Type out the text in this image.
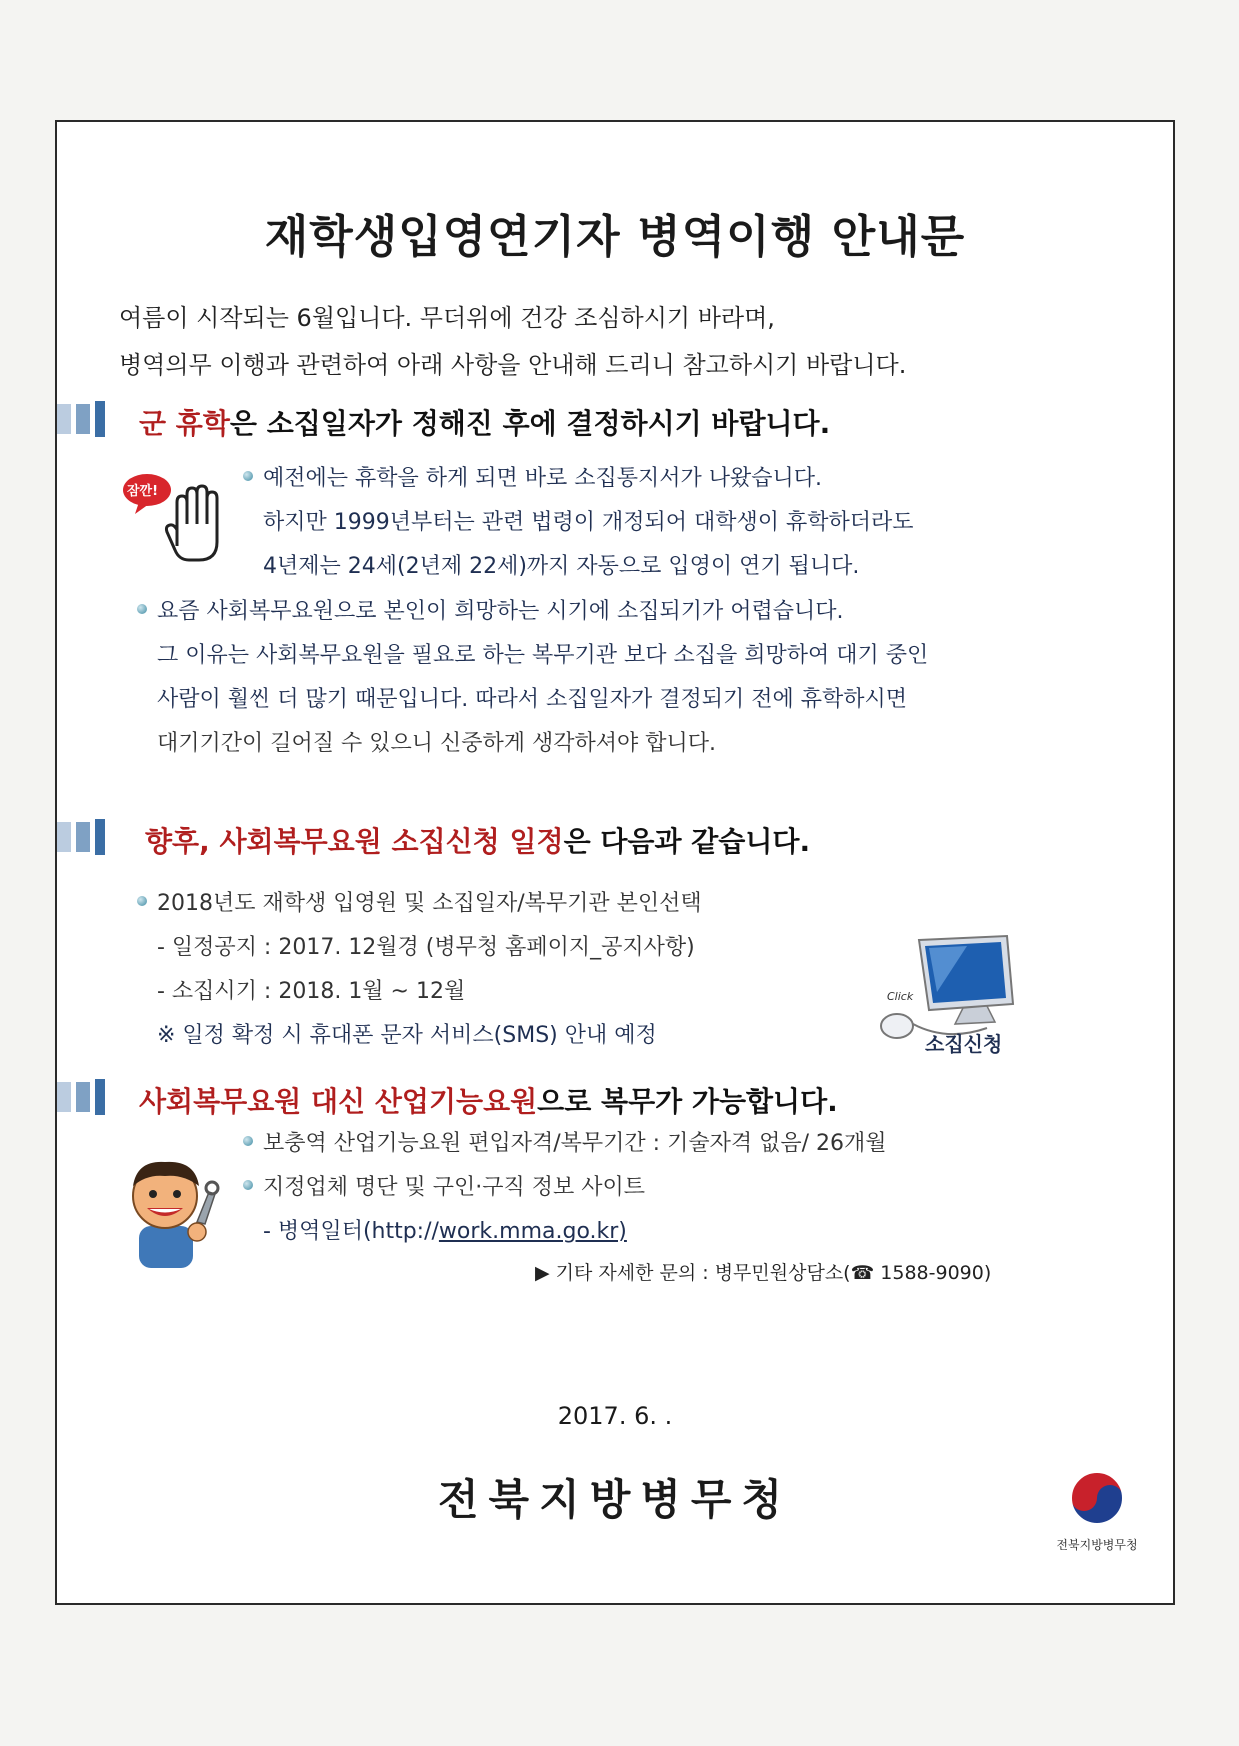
재학생입영연기자 병역이행 안내문
여름이 시작되는 6월입니다. 무더위에 건강 조심하시기 바라며,
병역의무 이행과 관련하여 아래 사항을 안내해 드리니 참고하시기 바랍니다.
군 휴학은 소집일자가 정해진 후에 결정하시기 바랍니다.
잠깐!
예전에는 휴학을 하게 되면 바로 소집통지서가 나왔습니다.
하지만 1999년부터는 관련 법령이 개정되어 대학생이 휴학하더라도
4년제는 24세(2년제 22세)까지 자동으로 입영이 연기 됩니다.
요즘 사회복무요원으로 본인이 희망하는 시기에 소집되기가 어렵습니다.
그 이유는 사회복무요원을 필요로 하는 복무기관 보다 소집을 희망하여 대기 중인
사람이 훨씬 더 많기 때문입니다. 따라서 소집일자가 결정되기 전에 휴학하시면
대기기간이 길어질 수 있으니 신중하게 생각하셔야 합니다.
향후, 사회복무요원 소집신청 일정은 다음과 같습니다.
2018년도 재학생 입영원 및 소집일자/복무기관 본인선택
- 일정공지 : 2017. 12월경 (병무청 홈페이지_공지사항)
- 소집시기 : 2018. 1월 ~ 12월
※ 일정 확정 시 휴대폰 문자 서비스(SMS) 안내 예정
Click
소집신청
사회복무요원 대신 산업기능요원으로 복무가 가능합니다.
보충역 산업기능요원 편입자격/복무기간 : 기술자격 없음/ 26개월
지정업체 명단 및 구인·구직 정보 사이트
- 병역일터(http://work.mma.go.kr)
▶ 기타 자세한 문의 : 병무민원상담소(☎ 1588-9090)
2017. 6. .
전북지방병무청
전북지방병무청
